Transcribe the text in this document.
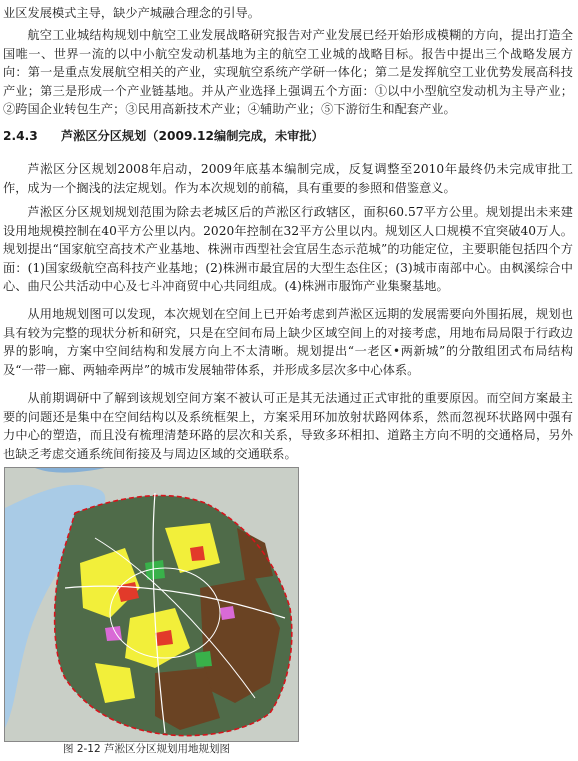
业区发展模式主导，缺少产城融合理念的引导。

航空工业城结构规划中航空工业发展战略研究报告对产业发展已经开始形成模糊的方向，提出打造全国唯一、世界一流的以中小航空发动机基地为主的航空工业城的战略目标。报告中提出三个战略发展方向：第一是重点发展航空相关的产业，实现航空系统产学研一体化；第二是发挥航空工业优势发展高科技产业；第三是形成一个产业链基地。并从产业选择上强调五个方面：①以中小型航空发动机为主导产业；②跨国企业转包生产；③民用高新技术产业；④辅助产业；⑤下游衍生和配套产业。

2.4.3 芦淞区分区规划（2009.12编制完成，未审批）

芦淞区分区规划2008年启动，2009年底基本编制完成，反复调整至2010年最终仍未完成审批工作，成为一个搁浅的法定规划。作为本次规划的前稿，具有重要的参照和借鉴意义。

芦淞区分区规划规划范围为除去老城区后的芦淞区行政辖区，面积60.57平方公里。规划提出未来建设用地规模控制在40平方公里以内。2020年控制在32平方公里以内。规划区人口规模不宜突破40万人。规划提出“国家航空高技术产业基地、株洲市西型社会宜居生态示范城”的功能定位，主要职能包括四个方面：(1)国家级航空高科技产业基地；(2)株洲市最宜居的大型生态住区；(3)城市南部中心。由枫溪综合中心、曲尺公共活动中心及七斗冲商贸中心共同组成。(4)株洲市服饰产业集聚基地。

从用地规划图可以发现，本次规划在空间上已开始考虑到芦淞区远期的发展需要向外围拓展，规划也具有较为完整的现状分析和研究，只是在空间布局上缺少区域空间上的对接考虑，用地布局局限于行政边界的影响，方案中空间结构和发展方向上不太清晰。规划提出“一老区•两新城”的分散组团式布局结构及“一带一廊、两轴牵两岸”的城市发展轴带体系，并形成多层次多中心体系。

从前期调研中了解到该规划空间方案不被认可正是其无法通过正式审批的重要原因。而空间方案最主要的问题还是集中在空间结构以及系统框架上，方案采用环加放射状路网体系，然而忽视环状路网中强有力中心的塑造，而且没有梳理清楚环路的层次和关系，导致多环相扣、道路主方向不明的交通格局，另外也缺乏考虑交通系统间衔接及与周边区域的交通联系。

图 2-12 芦淞区分区规划用地规划图
